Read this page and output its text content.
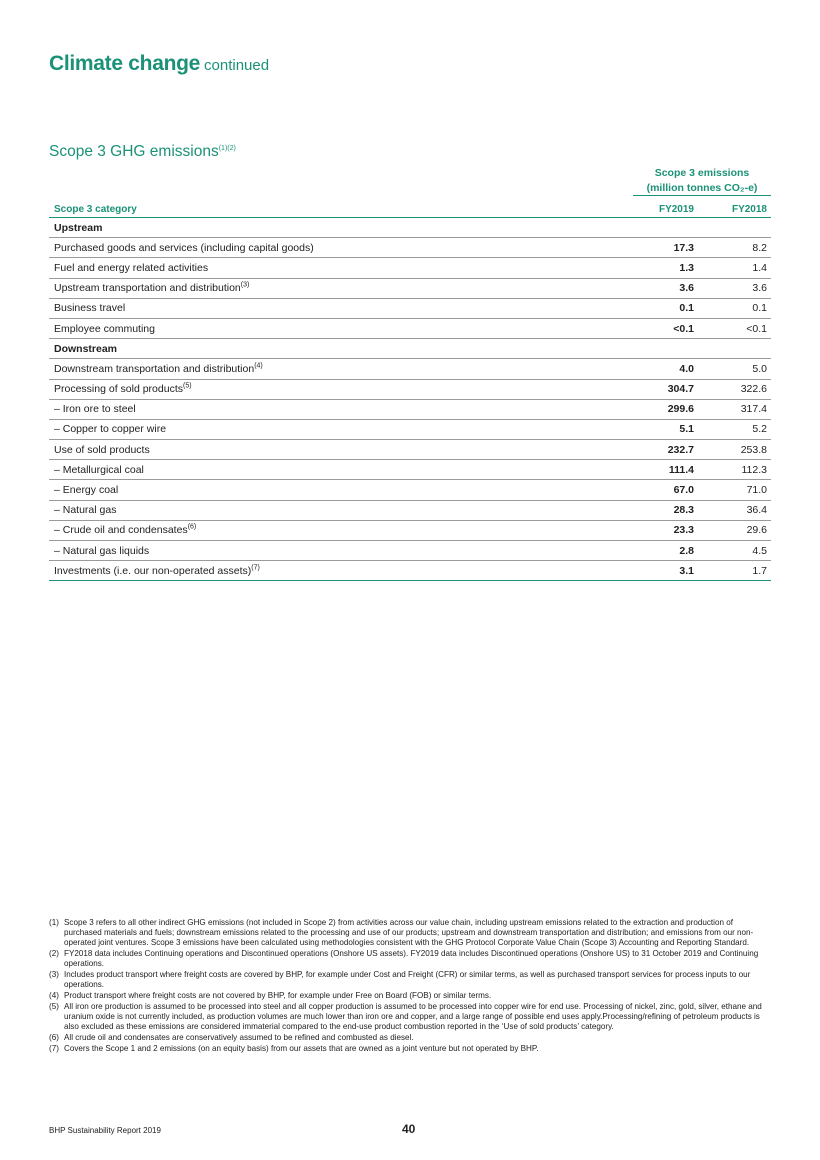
Climate change continued
Scope 3 GHG emissions$^{(1)(2)}$
Scope 3 emissions
(million tonnes CO₂-e)
Scope 3 category	FY2019	FY2018
Upstream
Purchased goods and services (including capital goods)	17.3	8.2
Fuel and energy related activities	1.3	1.4
Upstream transportation and distribution$^{(3)}$	3.6	3.6
Business travel	0.1	0.1
Employee commuting	<0.1	<0.1
Downstream
Downstream transportation and distribution$^{(4)}$	4.0	5.0
Processing of sold products$^{(5)}$	304.7	322.6
– Iron ore to steel	299.6	317.4
– Copper to copper wire	5.1	5.2
Use of sold products	232.7	253.8
– Metallurgical coal	111.4	112.3
– Energy coal	67.0	71.0
– Natural gas	28.3	36.4
– Crude oil and condensates$^{(6)}$	23.3	29.6
– Natural gas liquids	2.8	4.5
Investments (i.e. our non-operated assets)$^{(7)}$	3.1	1.7
(1) Scope 3 refers to all other indirect GHG emissions (not included in Scope 2) from activities across our value chain, including upstream emissions related to the extraction and production of purchased materials and fuels; downstream emissions related to the processing and use of our products; upstream and downstream transportation and distribution; and emissions from our non-operated joint ventures. Scope 3 emissions have been calculated using methodologies consistent with the GHG Protocol Corporate Value Chain (Scope 3) Accounting and Reporting Standard.
(2) FY2018 data includes Continuing operations and Discontinued operations (Onshore US assets). FY2019 data includes Discontinued operations (Onshore US) to 31 October 2019 and Continuing operations.
(3) Includes product transport where freight costs are covered by BHP, for example under Cost and Freight (CFR) or similar terms, as well as purchased transport services for process inputs to our operations.
(4) Product transport where freight costs are not covered by BHP, for example under Free on Board (FOB) or similar terms.
(5) All iron ore production is assumed to be processed into steel and all copper production is assumed to be processed into copper wire for end use. Processing of nickel, zinc, gold, silver, ethane and uranium oxide is not currently included, as production volumes are much lower than iron ore and copper, and a large range of possible end uses apply.Processing/refining of petroleum products is also excluded as these emissions are considered immaterial compared to the end-use product combustion reported in the ‘Use of sold products’ category.
(6) All crude oil and condensates are conservatively assumed to be refined and combusted as diesel.
(7) Covers the Scope 1 and 2 emissions (on an equity basis) from our assets that are owned as a joint venture but not operated by BHP.
BHP Sustainability Report 2019	40
